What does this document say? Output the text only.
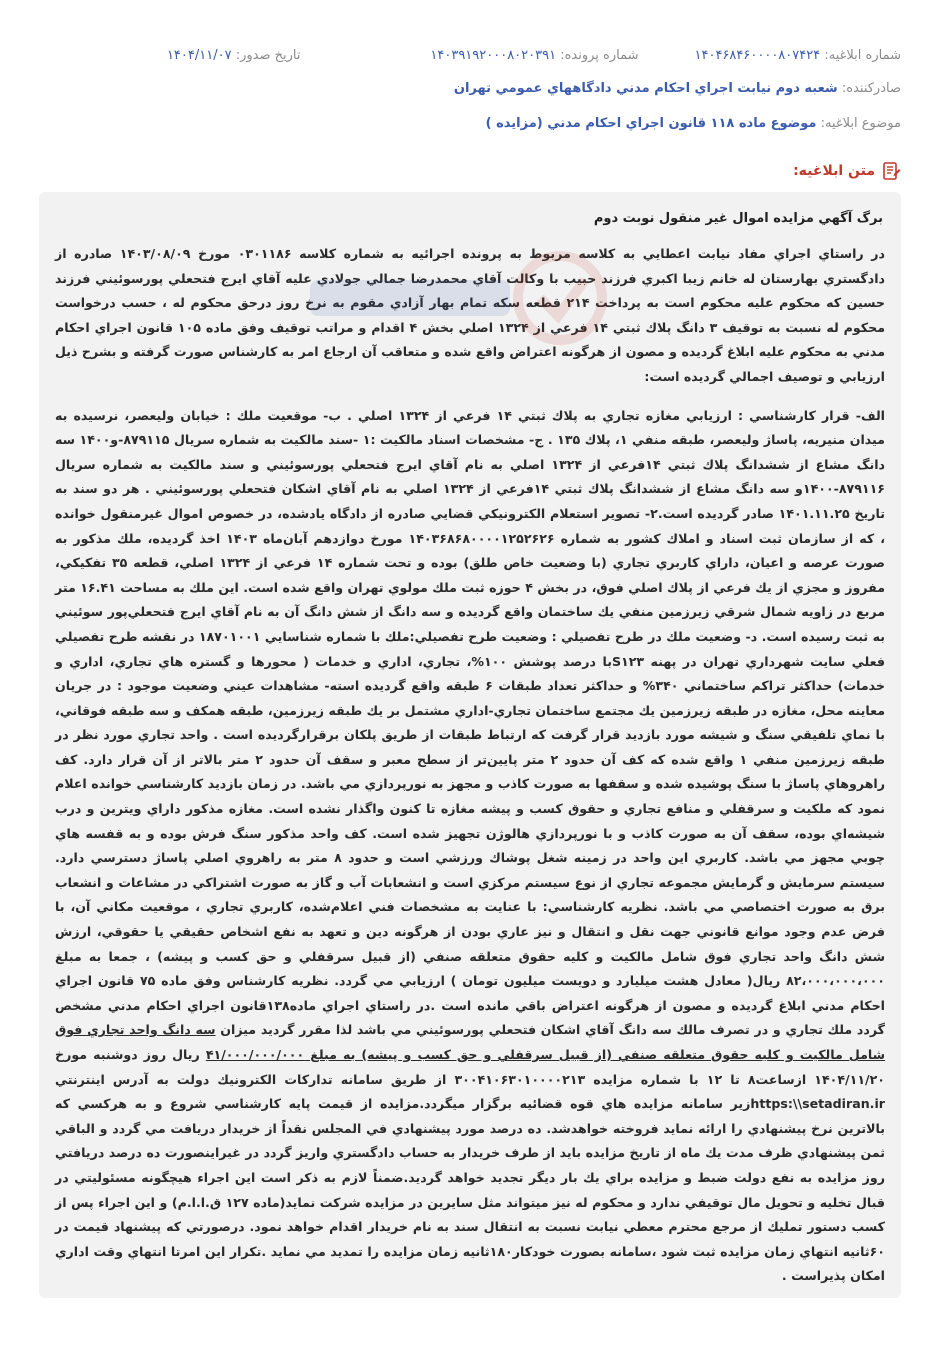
شماره ابلاغیه: ۱۴۰۴۶۸۴۶۰۰۰۰۸۰۷۴۲۴
شماره پرونده: ۱۴۰۳۹۱۹۲۰۰۰۸۰۲۰۳۹۱
تاریخ صدور: ۱۴۰۴/۱۱/۰۷
صادرکننده: شعبه دوم نيابت اجراي احكام مدني دادگاههاي عمومي تهران
موضوع ابلاغیه: موضوع ماده ۱۱۸ قانون اجراي احكام مدني (مزايده )
متن ابلاغیه:
برگ آگهي مزايده اموال غير منقول نوبت دوم

در راستاي اجراي مفاد نيابت اعطايي به كلاسه مربوط به پرونده اجرائيه به شماره كلاسه ۰۳۰۱۱۸۶ مورخ ۱۴۰۳/۰۸/۰۹ صادره از دادگستري بهارستان له خانم زيبا اكبري فرزند حبيب با وكالت آقاي محمدرضا جمالي جولادي عليه آقاي ايرج فتحعلي پورسوئيني فرزند حسين كه محكوم عليه محكوم است به پرداخت ۲۱۴ قطعه سكه تمام بهار آزادي مقوم به نرخ روز درحق محكوم له ، حسب درخواست محكوم له نسبت به توقيف ۳ دانگ پلاك ثبتي ۱۴ فرعي از ۱۳۲۴ اصلي بخش ۴ اقدام و مراتب توقيف وفق ماده ۱۰۵ قانون اجراي احكام مدني به محكوم عليه ابلاغ گرديده و مصون از هرگونه اعتراض واقع شده و متعاقب آن ارجاع امر به كارشناس صورت گرفته و بشرح ذيل ارزيابي و توصيف اجمالي گرديده است:

الف- قرار كارشناسي : ارزيابي مغازه تجاري به پلاك ثبتي ۱۴ فرعي از ۱۳۲۴ اصلي . ب- موقعيت ملك : خيابان وليعصر، نرسيده به ميدان منيريه، پاساژ وليعصر، طبقه منفي ۱، پلاك ۱۳۵ . ج- مشخصات اسناد مالكيت :۱ -سند مالكيت به شماره سريال ۸۷۹۱۱۵-و۱۴۰۰ سه دانگ مشاع از ششدانگ پلاك ثبتي ۱۴فرعي از ۱۳۲۴ اصلي به نام آقاي ايرج فتحعلي پورسوئيني و سند مالكيت به شماره سريال ۸۷۹۱۱۶-۱۴۰۰و سه دانگ مشاع از ششدانگ پلاك ثبتي ۱۴فرعي از ۱۳۲۴ اصلي به نام آقاي اشكان فتحعلي پورسوئيني . هر دو سند به تاريخ ۱۴۰۱.۱۱.۲۵ صادر گرديده است.۲- تصوير استعلام الكترونيكي قضايي صادره از دادگاه يادشده، در خصوص اموال غيرمنقول خوانده ، كه از سازمان ثبت اسناد و املاك كشور به شماره ۱۴۰۳۶۸۶۸۰۰۰۰۱۲۵۲۶۲۶ مورخ دوازدهم آبان‌ماه ۱۴۰۳ اخذ گرديده، ملك مذكور به صورت عرصه و اعيان، داراي كاربري تجاري (با وضعيت خاص طلق) بوده و تحت شماره ۱۴ فرعي از ۱۳۲۴ اصلي، قطعه ۳۵ تفكيكي، مفروز و مجزي از يك فرعي از پلاك اصلي فوق، در بخش ۴ حوزه ثبت ملك مولوي تهران واقع شده است. اين ملك به مساحت ۱۶.۴۱ متر مربع در زاويه شمال شرقي زيرزمين منفي يك ساختمان واقع گرديده و سه دانگ از شش دانگ آن به نام آقاي ايرج فتحعلي‌پور سوئيني به ثبت رسيده است. د- وضعيت ملك در طرح تفصيلي : وضعيت طرح تفصيلي:ملك با شماره شناسايي ۱۸۷۰۱۰۰۱ در نقشه طرح تفصيلي فعلي سايت شهرداري تهران در پهنه S۱۲۳با درصد پوشش ۱۰۰%، تجاري، اداري و خدمات ( محورها و گستره هاي تجاري، اداري و خدمات) حداكثر تراكم ساختماني ۳۴۰% و حداكثر تعداد طبقات ۶ طبقه واقع گرديده استه- مشاهدات عيني وضعيت موجود : در جريان معاينه محل، مغازه در طبقه زيرزمين يك مجتمع ساختمان تجاري-اداري مشتمل بر يك طبقه زيرزمين، طبقه همكف و سه طبقه فوقاني، با نماي تلفيقي سنگ و شيشه مورد بازديد قرار گرفت كه ارتباط طبقات از طريق پلكان برقرارگرديده است . واحد تجاري مورد نظر در طبقه زيرزمين منفي ۱ واقع شده كه كف آن حدود ۲ متر پايين‌تر از سطح معبر و سقف آن حدود ۲ متر بالاتر از آن قرار دارد. كف راهروهاي پاساژ با سنگ پوشيده شده و سقفها به صورت كاذب و مجهز به نورپردازي مي باشد. در زمان بازديد كارشناسي خوانده اعلام نمود كه ملكيت و سرقفلي و منافع تجاري و حقوق كسب و پيشه مغازه تا كنون واگذار نشده است. مغازه مذكور داراي ويترين و درب شيشه‌اي بوده، سقف آن به صورت كاذب و با نورپردازي هالوژن تجهيز شده است. كف واحد مذكور سنگ فرش بوده و به قفسه هاي چوبي مجهز مي باشد. كاربري اين واحد در زمينه شغل پوشاك ورزشي است و حدود ۸ متر به راهروي اصلي پاساژ دسترسي دارد. سيستم سرمايش و گرمايش مجموعه تجاري از نوع سيستم مركزي است و انشعابات آب و گاز به صورت اشتراكي در مشاعات و انشعاب برق به صورت اختصاصي مي باشد. نظريه كارشناسي: با عنايت به مشخصات فني اعلام‌شده، كاربري تجاري ، موقعيت مكاني آن، با فرض عدم وجود موانع قانوني جهت نقل و انتقال و نيز عاري بودن از هرگونه دين و تعهد به نفع اشخاص حقيقي يا حقوقي، ارزش شش دانگ واحد تجاري فوق شامل مالكيت و كليه حقوق متعلقه صنفي (از قبيل سرقفلي و حق كسب و پيشه) ، جمعا به مبلغ ۸۲،۰۰۰،۰۰۰،۰۰۰ ريال( معادل هشت ميليارد و دويست ميليون تومان ) ارزيابي مي گردد. نظريه كارشناس وفق ماده ۷۵ قانون اجراي احكام مدني ابلاغ گرديده و مصون از هرگونه اعتراض باقي مانده است .در راستاي اجراي ماده۱۳۸قانون اجراي احكام مدني مشخص گردد ملك تجاري و در تصرف مالك سه دانگ آقاي اشكان فتحعلي پورسوئيني مي باشد لذا مقرر گرديد ميزان سه دانگ واحد تجاري فوق شامل مالكيت و كليه حقوق متعلقه صنفي (از قبيل سرقفلي و حق كسب و پيشه) به مبلغ ۴۱/۰۰۰/۰۰۰/۰۰۰ ريال روز دوشنبه مورخ ۱۴۰۴/۱۱/۲۰ ازساعت۸ تا ۱۲ با شماره مزايده ۳۰۰۴۱۰۶۳۰۱۰۰۰۰۲۱۳ از طريق سامانه تداركات الكترونيك دولت به آدرس اينترنتي https:\\setadiran.irزير سامانه مزايده هاي قوه قضائيه برگزار ميگردد.مزايده از قيمت پايه كارشناسي شروع و به هركسي كه بالاترين نرخ پيشنهادي را ارائه نمايد فروخته خواهدشد. ده درصد مورد پيشنهادي في المجلس نقداً از خريدار دريافت مي گردد و الباقي ثمن پيشنهادي ظرف مدت يك ماه از تاريخ مزايده بايد از طرف خريدار به حساب دادگستري واريز گردد در غيراينصورت ده درصد دريافتي روز مزايده به نفع دولت ضبط و مزايده براي يك بار ديگر تجديد خواهد گرديد.ضمناً لازم به ذكر است اين اجراء هيچگونه مسئوليتي در قبال تخليه و تحويل مال توقيفي ندارد و محكوم له نيز ميتواند مثل سايرين در مزايده شركت نمايد(ماده ۱۲۷ ق.ا.ا.م) و اين اجراء پس از كسب دستور تمليك از مرجع محترم معطي نيابت نسبت به انتقال سند به نام خريدار اقدام خواهد نمود. درصورتي كه پيشنهاد قيمت در ۶۰ثانيه انتهاي زمان مزايده ثبت شود ،سامانه بصورت خودكار۱۸۰ثانيه زمان مزايده را تمديد مي نمايد .تكرار اين امرتا انتهاي وقت اداري امكان پذيراست .
